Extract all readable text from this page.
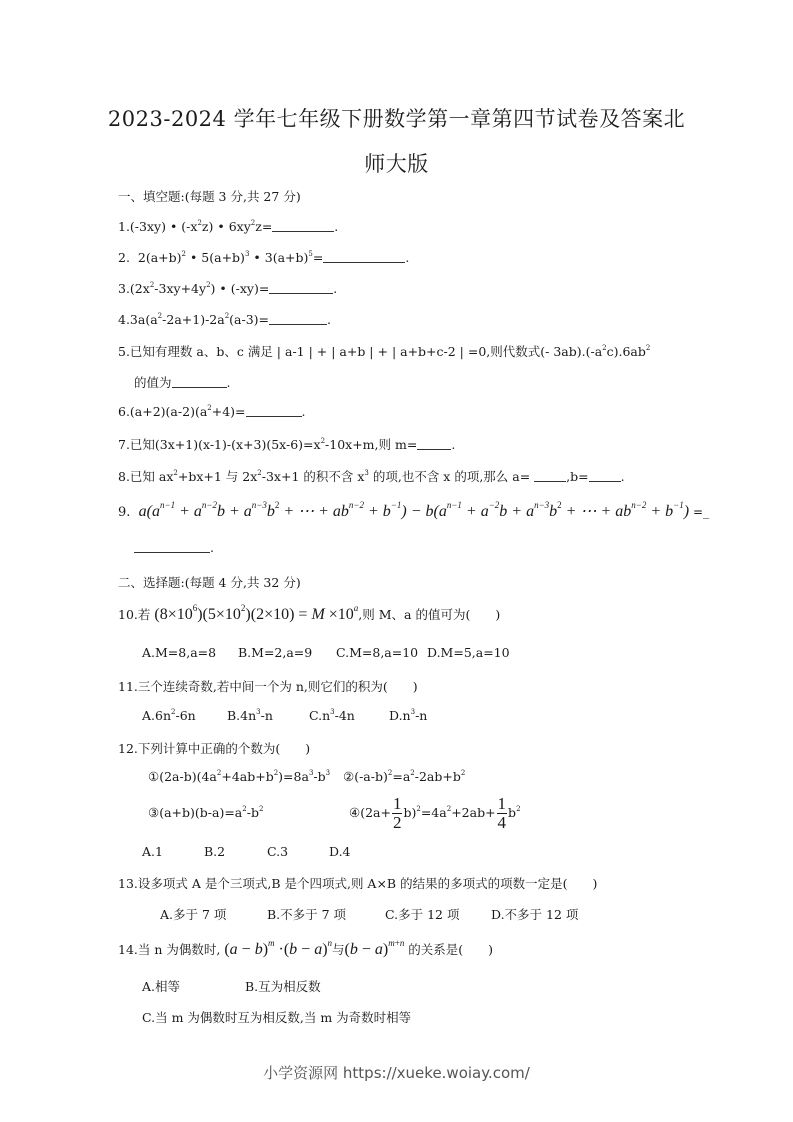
2023-2024 学年七年级下册数学第一章第四节试卷及答案北
师大版
一、填空题:(每题 3 分,共 27 分)
1.(-3xy) • $(-x^2z)$ • $6xy^2z=$	.
2.  $2(a+b)^2$ • $5(a+b)^3$ • $3(a+b)^5=$	.
$3.(2x^2-3xy+4y^2)$ • (-xy)=	.
$4.3a(a^2-2a+1)-2a^2(a-3)=$	.
5.已知有理数 a、b、c 满足 | a-1 | + | a+b | + | a+b+c-2 | =0,则代数式(- $3ab).(-a^2c).6ab^2$
的值为	.
$6.(a+2)(a-2)(a^2+4)=$	.
7.已知$(3x+1)(x-1)-(x+3)(5x-6)=x^2-10x+m$,则 m=	.
8.已知 $ax^2+bx+1$ 与 $2x^2-3x+1$ 的积不含 $x^3$ 的项,也不含 x 的项,那么 a=	,b=	.
9.  $a(a^{n-1} + a^{n-2}b + a^{n-3}b^2$ + ⋯ + $ab^{n-2} + b^{-1}) - b(a^{n-1} + a^{-2}b + a^{n-3}b^2$ + ⋯ + $ab^{n-2} + b^{-1}$) =_
.
二、选择题:(每题 4 分,共 32 分)
10.若 $(8\times 10^6)(5\times 10^2)(2\times 10) = M \times 10^a$,则 M、a 的值可为(　　)
A.M=8,a=8 B.M=2,a=9 C.M=8,a=10 D.M=5,a=10
11.三个连续奇数,若中间一个为 n,则它们的积为(　　)
$A.6n^2-6n$	$B.4n^3-n$	$C.n^3-4n$	$D.n^3-n$
12.下列计算中正确的个数为(　　)
$①(2a-b)(4a^2+4ab+b^2)=8a^3-b^3$ $②(-a-b)^2=a^2-2ab+b^2$
$③(a+b)(b-a)=a^2-b^2$	④(2a+ $\frac{1}{2} b)^2=4a^2+2ab+ \frac{1}{4} b^2$
A.1	B.2	C.3	D.4
13.设多项式 A 是个三项式,B 是个四项式,则 A×B 的结果的多项式的项数一定是(　　)
A.多于 7 项	B.不多于 7 项	C.多于 12 项	D.不多于 12 项
14.当 n 为偶数时, $(a - b)^m \cdot(b - a)^n$与$(b - a)^{m+n}$ 的关系是(　　)
A.相等	B.互为相反数
C.当 m 为偶数时互为相反数,当 m 为奇数时相等
小学资源网 https://xueke.woiay.com/
